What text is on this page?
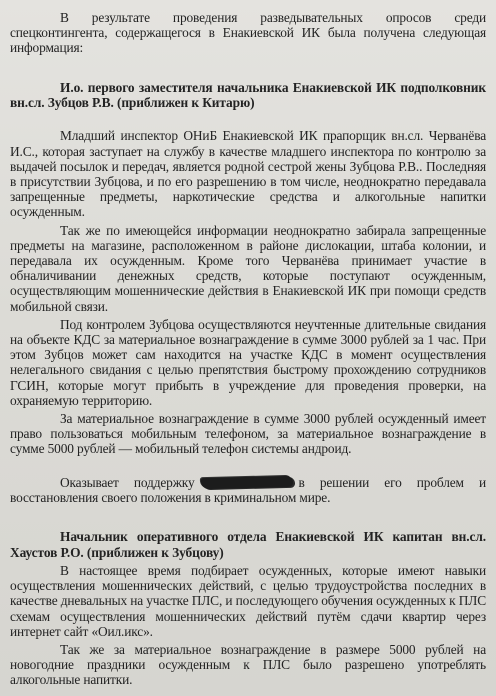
В результате проведения разведывательных опросов среди спецконтингента, содержащегося в Енакиевской ИК была получена следующая информация:

И.о. первого заместителя начальника Енакиевской ИК подполковник вн.сл. Зубцов Р.В. (приближен к Китарю)

Младший инспектор ОНиБ Енакиевской ИК прапорщик вн.сл. Черванёва И.С., которая заступает на службу в качестве младшего инспектора по контролю за выдачей посылок и передач, является родной сестрой жены Зубцова Р.В.. Последняя в присутствии Зубцова, и по его разрешению в том числе, неоднократно передавала запрещенные предметы, наркотические средства и алкогольные напитки осужденным.

Так же по имеющейся информации неоднократно забирала запрещенные предметы на магазине, расположенном в районе дислокации, штаба колонии, и передавала их осужденным. Кроме того Черванёва принимает участие в обналичивании денежных средств, которые поступают осужденным, осуществляющим мошеннические действия в Енакиевской ИК при помощи средств мобильной связи.

Под контролем Зубцова осуществляются неучтенные длительные свидания на объекте КДС за материальное вознаграждение в сумме 3000 рублей за 1 час. При этом Зубцов может сам находится на участке КДС в момент осуществления нелегального свидания с целью препятствия быстрому прохождению сотрудников ГСИН, которые могут прибыть в учреждение для проведения проверки, на охраняемую территорию.

За материальное вознаграждение в сумме 3000 рублей осужденный имеет право пользоваться мобильным телефоном, за материальное вознаграждение в сумме 5000 рублей — мобильный телефон системы андроид.

Оказывает поддержку	в решении его проблем и восстановления своего положения в криминальном мире.

Начальник оперативного отдела Енакиевской ИК капитан вн.сл. Хаустов Р.О. (приближен к Зубцову)

В настоящее время подбирает осужденных, которые имеют навыки осуществления мошеннических действий, с целью трудоустройства последних в качестве дневальных на участке ПЛС, и последующего обучения осужденных к ПЛС схемам осуществления мошеннических действий путём сдачи квартир через интернет сайт «Оил.икс».

Так же за материальное вознаграждение в размере 5000 рублей на новогодние праздники осужденным к ПЛС было разрешено употреблять алкогольные напитки.
